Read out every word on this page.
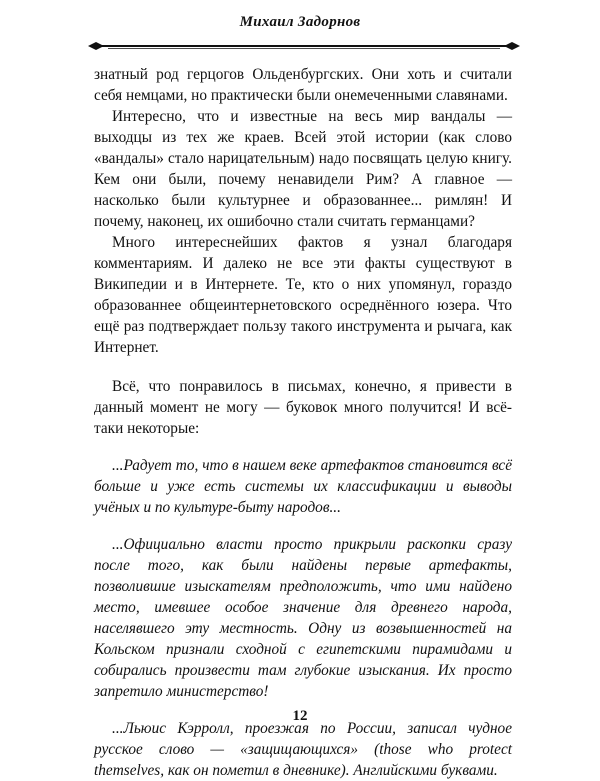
Михаил Задорнов

знатный род герцогов Ольденбургских. Они хоть и считали себя немцами, но практически были онемеченными славянами.

Интересно, что и известные на весь мир вандалы — выходцы из тех же краев. Всей этой истории (как слово «вандалы» стало нарицательным) надо посвящать целую книгу. Кем они были, почему ненавидели Рим? А главное — насколько были культурнее и образованнее... римлян! И почему, наконец, их ошибочно стали считать германцами?

Много интереснейших фактов я узнал благодаря комментариям. И далеко не все эти факты существуют в Википедии и в Интернете. Те, кто о них упомянул, гораздо образованнее общеинтернетовского осреднённого юзера. Что ещё раз подтверждает пользу такого инструмента и рычага, как Интернет.

Всё, что понравилось в письмах, конечно, я привести в данный момент не могу — буковок много получится! И всё-таки некоторые:

...Радует то, что в нашем веке артефактов становится всё больше и уже есть системы их классификации и выводы учёных и по культуре-быту народов...

...Официально власти просто прикрыли раскопки сразу после того, как были найдены первые артефакты, позволившие изыскателям предположить, что ими найдено место, имевшее особое значение для древнего народа, населявшего эту местность. Одну из возвышенностей на Кольском признали сходной с египетскими пирамидами и собирались произвести там глубокие изыскания. Их просто запретило министерство!

...Льюис Кэрролл, проезжая по России, записал чудное русское слово — «защищающихся» (those who protect themselves, как он пометил в дневнике). Английскими буквами.

12
